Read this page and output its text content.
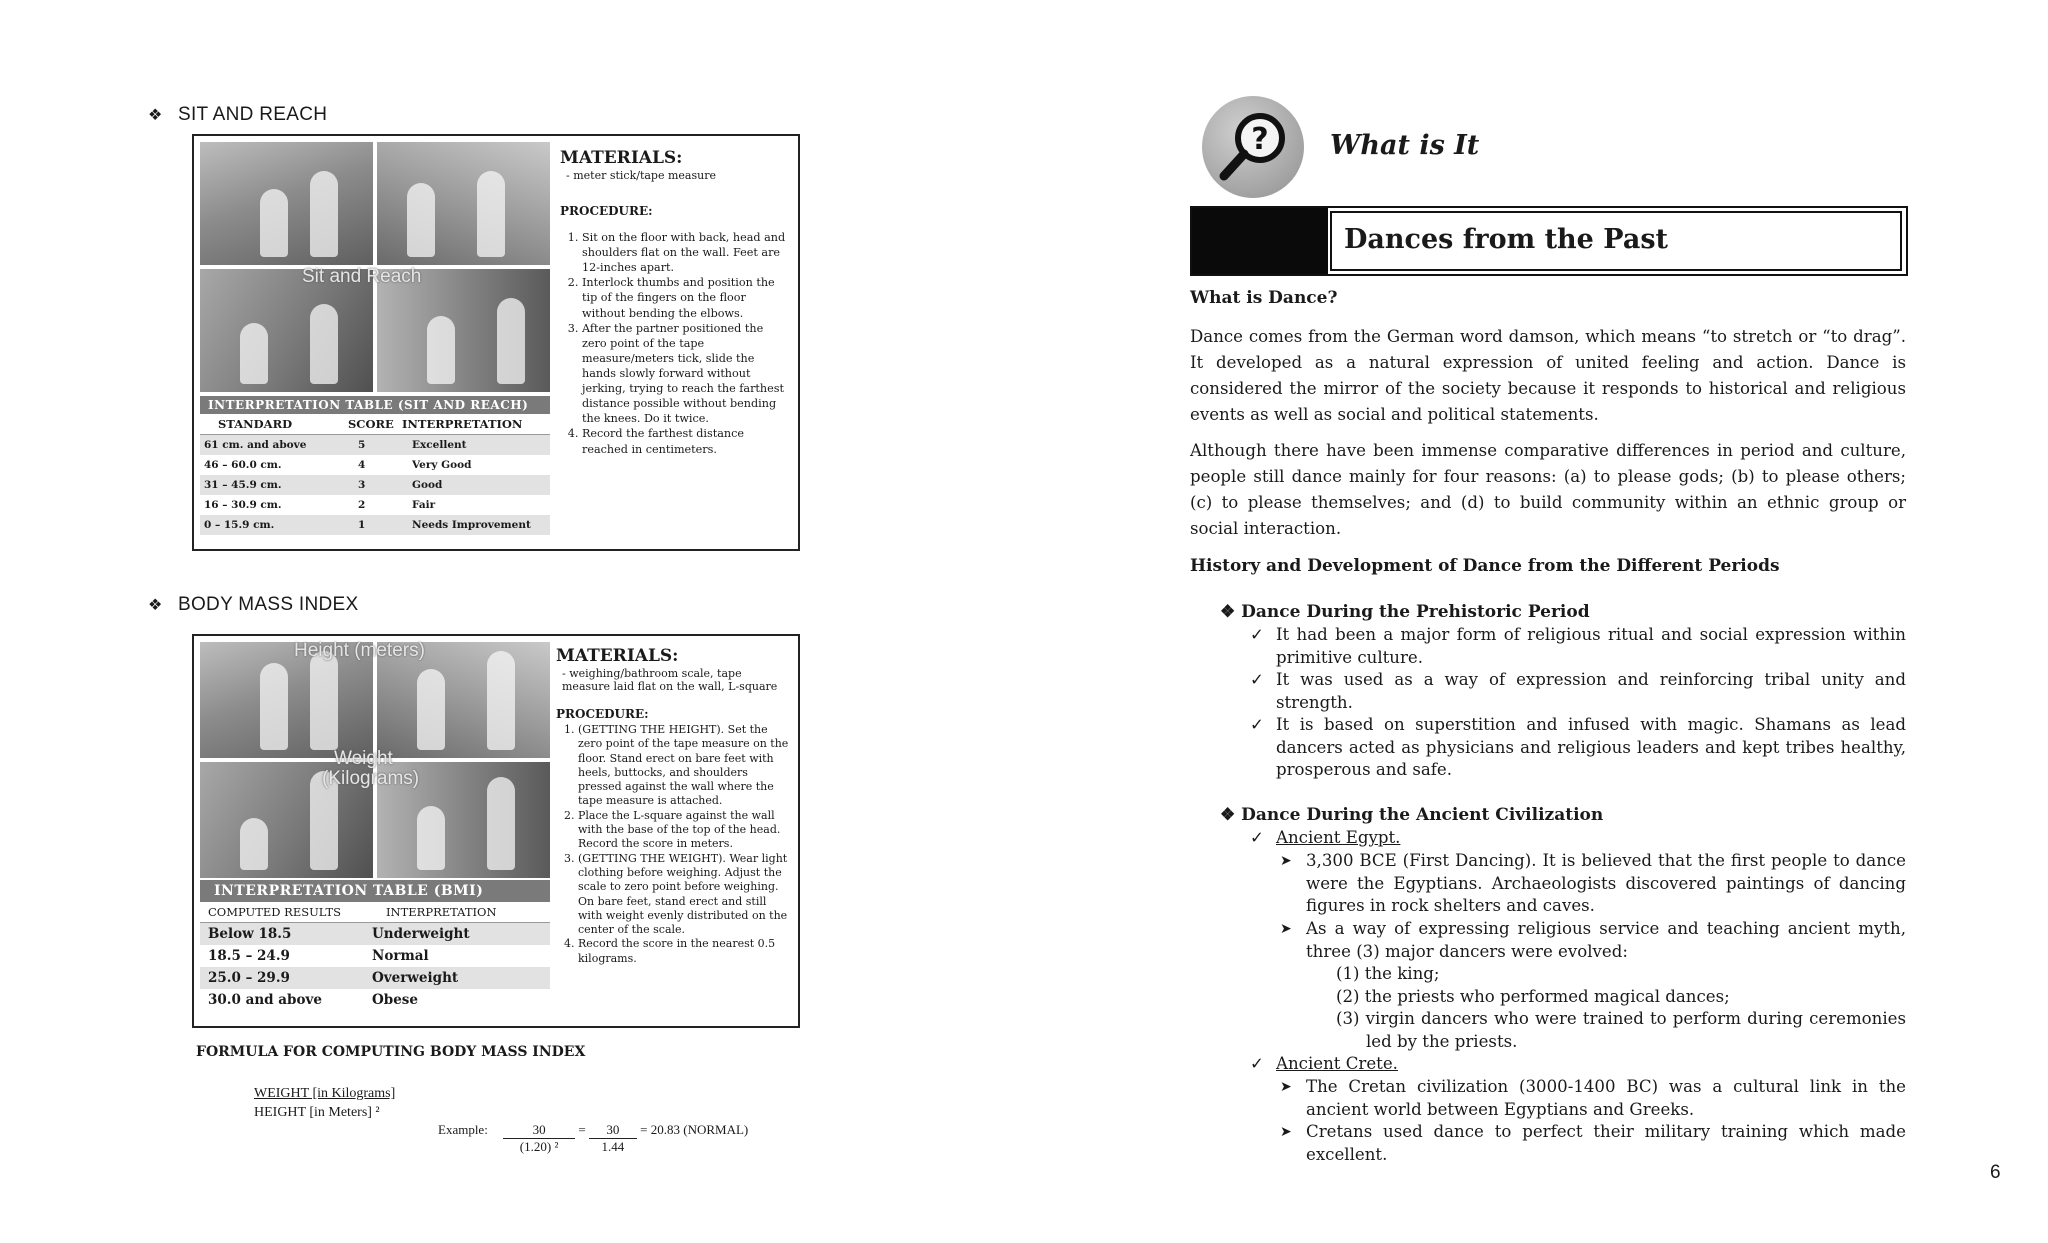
❖ SIT AND REACH
Sit and Reach
INTERPRETATION TABLE (SIT AND REACH)
STANDARD	SCORE INTERPRETATION
61 cm. and above	5	Excellent
46 – 60.0 cm.	4	Very Good
31 – 45.9 cm.	3	Good
16 – 30.9 cm.	2	Fair
0 – 15.9 cm.	1	Needs Improvement
MATERIALS:
- meter stick/tape measure
PROCEDURE:
1. Sit on the floor with back, head and shoulders flat on the wall. Feet are 12-inches apart.
2. Interlock thumbs and position the tip of the fingers on the floor without bending the elbows.
3. After the partner positioned the zero point of the tape measure/meters tick, slide the hands slowly forward without jerking, trying to reach the farthest distance possible without bending the knees. Do it twice.
4. Record the farthest distance reached in centimeters.
❖ BODY MASS INDEX
Height (meters)
Weight
(Kilograms)
INTERPRETATION TABLE (BMI)
COMPUTED RESULTS	INTERPRETATION
Below 18.5	Underweight
18.5 – 24.9	Normal
25.0 – 29.9	Overweight
30.0 and above	Obese
MATERIALS:
- weighing/bathroom scale, tape measure laid flat on the wall, L-square
PROCEDURE:
1. (GETTING THE HEIGHT). Set the zero point of the tape measure on the floor. Stand erect on bare feet with heels, buttocks, and shoulders pressed against the wall where the tape measure is attached.
2. Place the L-square against the wall with the base of the top of the head. Record the score in meters.
3. (GETTING THE WEIGHT). Wear light clothing before weighing. Adjust the scale to zero point before weighing. On bare feet, stand erect and still with weight evenly distributed on the center of the scale.
4. Record the score in the nearest 0.5 kilograms.
FORMULA FOR COMPUTING BODY MASS INDEX
WEIGHT [in Kilograms]
HEIGHT [in Meters] ²
Example: $\frac{30}{\text{(1.20) ²}} = \frac{30}{1.44} = 20.83$ (NORMAL)
? What is It
Dances from the Past
What is Dance?

Dance comes from the German word damson, which means “to stretch or “to drag”. It developed as a natural expression of united feeling and action. Dance is considered the mirror of the society because it responds to historical and religious events as well as social and political statements.

Although there have been immense comparative differences in period and culture, people still dance mainly for four reasons: (a) to please gods; (b) to please others; (c) to please themselves; and (d) to build community within an ethnic group or social interaction.

History and Development of Dance from the Different Periods
❖ Dance During the Prehistoric Period
✓ It had been a major form of religious ritual and social expression within primitive culture.
✓ It was used as a way of expression and reinforcing tribal unity and strength.
✓ It is based on superstition and infused with magic. Shamans as lead dancers acted as physicians and religious leaders and kept tribes healthy, prosperous and safe.
❖ Dance During the Ancient Civilization
✓ Ancient Egypt.
➤ 3,300 BCE (First Dancing). It is believed that the first people to dance were the Egyptians. Archaeologists discovered paintings of dancing figures in rock shelters and caves.
➤ As a way of expressing religious service and teaching ancient myth, three (3) major dancers were evolved:
(1) the king;
(2) the priests who performed magical dances;
(3) virgin dancers who were trained to perform during ceremonies led by the priests.
✓ Ancient Crete.
➤ The Cretan civilization (3000-1400 BC) was a cultural link in the ancient world between Egyptians and Greeks.
➤ Cretans used dance to perfect their military training which made excellent.
6
